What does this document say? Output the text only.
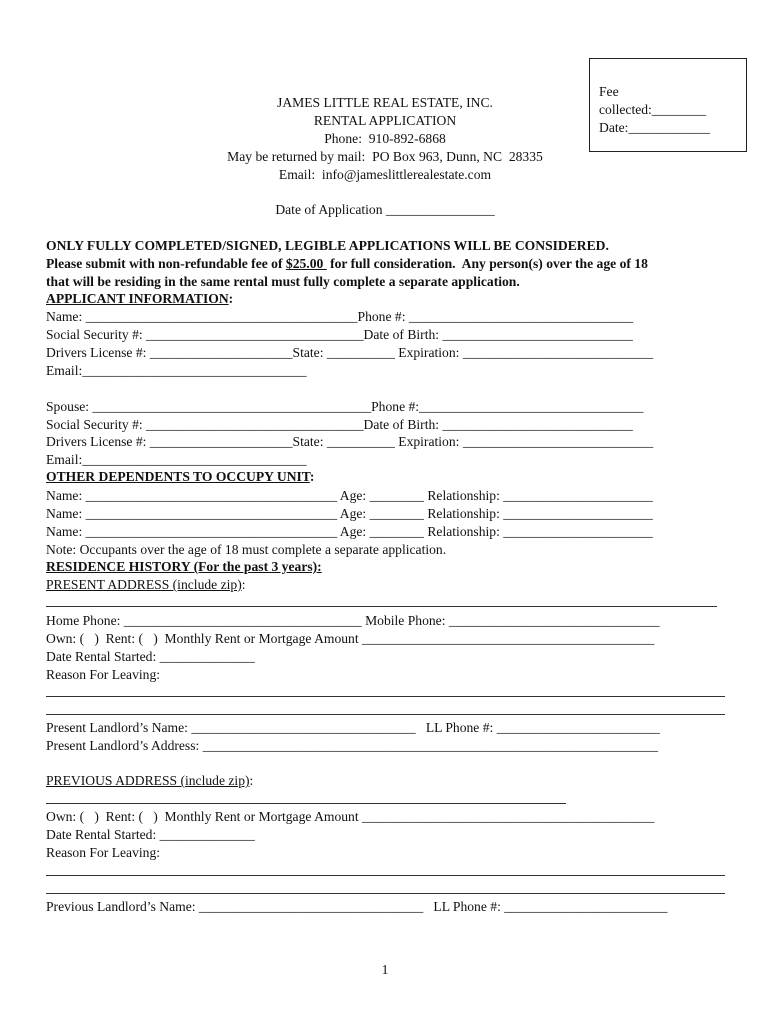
Fee
collected:________
Date:____________
JAMES LITTLE REAL ESTATE, INC.
RENTAL APPLICATION
Phone:  910-892-6868
May be returned by mail:  PO Box 963, Dunn, NC  28335
Email:  info@jameslittlerealestate.com
Date of Application ________________
ONLY FULLY COMPLETED/SIGNED, LEGIBLE APPLICATIONS WILL BE CONSIDERED.
Please submit with non-refundable fee of $25.00  for full consideration.  Any person(s) over the age of 18
that will be residing in the same rental must fully complete a separate application.
APPLICANT INFORMATION:
Name: ________________________________________Phone #: _________________________________
Social Security #: ________________________________Date of Birth: ____________________________
Drivers License #: _____________________State: __________ Expiration: ____________________________
Email:_________________________________
Spouse: _________________________________________Phone #:_________________________________
Social Security #: ________________________________Date of Birth: ____________________________
Drivers License #: _____________________State: __________ Expiration: ____________________________
Email:_________________________________
OTHER DEPENDENTS TO OCCUPY UNIT:
Name: _____________________________________ Age: ________ Relationship: ______________________
Name: _____________________________________ Age: ________ Relationship: ______________________
Name: _____________________________________ Age: ________ Relationship: ______________________
Note: Occupants over the age of 18 must complete a separate application.
RESIDENCE HISTORY (For the past 3 years):
PRESENT ADDRESS (include zip):
Home Phone: ___________________________________ Mobile Phone: _______________________________
Own: (   )  Rent: (   )  Monthly Rent or Mortgage Amount ___________________________________________
Date Rental Started: ______________
Reason For Leaving:
Present Landlord’s Name: _________________________________   LL Phone #: ________________________
Present Landlord’s Address: ___________________________________________________________________
PREVIOUS ADDRESS (include zip):
Own: (   )  Rent: (   )  Monthly Rent or Mortgage Amount ___________________________________________
Date Rental Started: ______________
Reason For Leaving:
Previous Landlord’s Name: _________________________________   LL Phone #: ________________________
1
